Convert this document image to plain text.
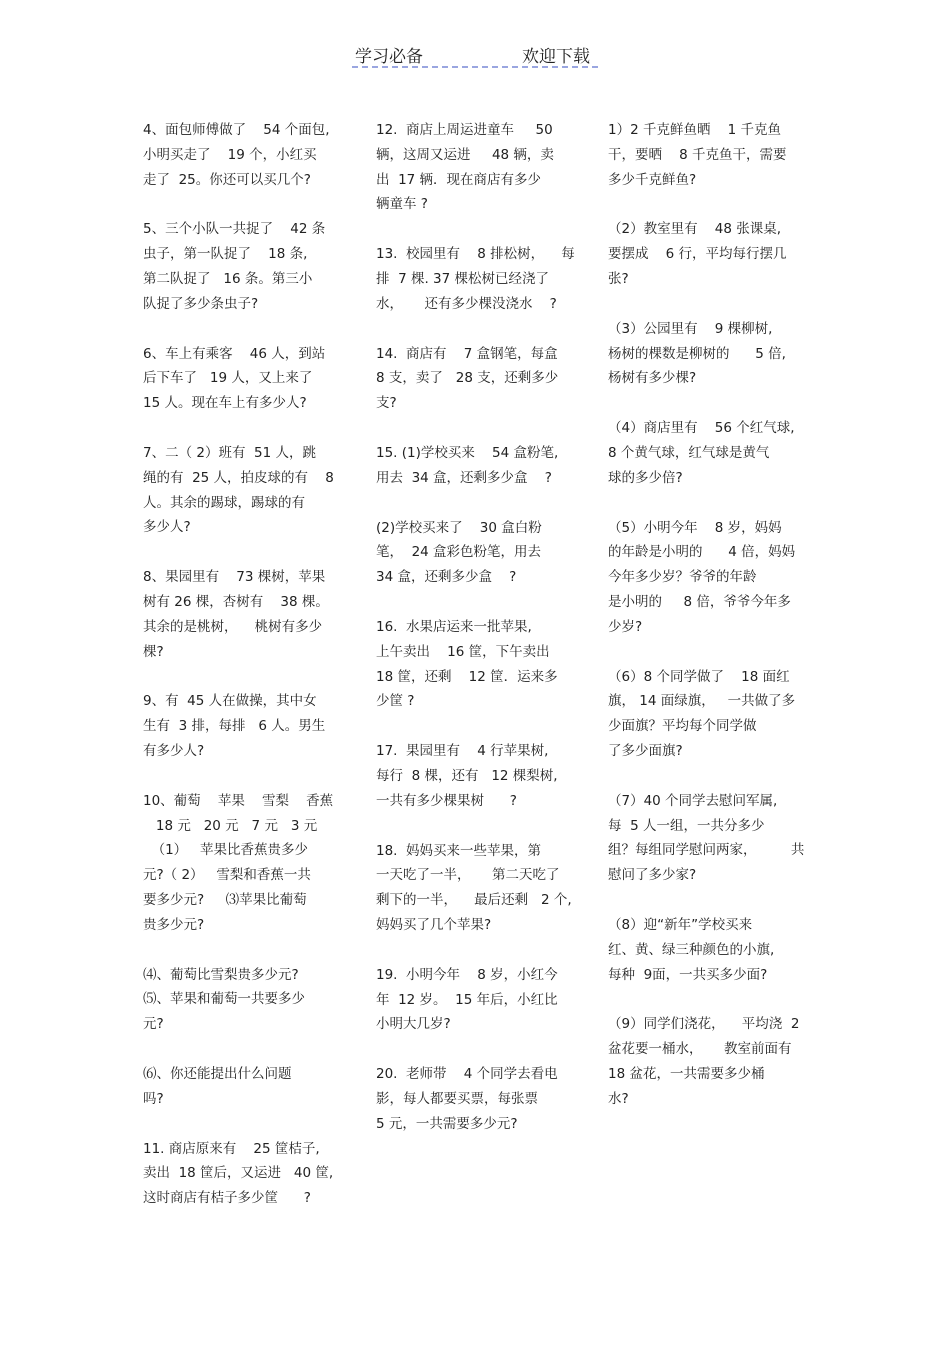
学习必备	欢迎下载
4、面包师傅做了    54 个面包,
小明买走了    19 个，小红买
走了  25。你还可以买几个?
5、三个小队一共捉了    42 条
虫子，第一队捉了    18 条,
第二队捉了   16 条。第三小
队捉了多少条虫子?
6、车上有乘客    46 人，到站
后下车了   19 人，又上来了
15 人。现在车上有多少人?
7、二（ 2）班有  51 人，跳
绳的有  25 人，拍皮球的有    8
人。其余的踢球，踢球的有
多少人?
8、果园里有    73 棵树，苹果
树有 26 棵，杏树有    38 棵。
其余的是桃树，    桃树有多少
棵?
9、有  45 人在做操，其中女
生有  3 排，每排   6 人。男生
有多少人?
10、葡萄    苹果    雪梨    香蕉
18 元   20 元   7 元   3 元
（1）   苹果比香蕉贵多少
元?（ 2）   雪梨和香蕉一共
要多少元?     ⑶苹果比葡萄
贵多少元?
⑷、葡萄比雪梨贵多少元?
⑸、苹果和葡萄一共要多少
元?
⑹、你还能提出什么问题
吗?
11. 商店原来有    25 筐桔子,
卖出  18 筐后，又运进   40 筐,
这时商店有桔子多少筐      ?
12.  商店上周运进童车     50
辆，这周又运进     48 辆，卖
出  17 辆．现在商店有多少
辆童车 ?
13.  校园里有    8 排松树，    每
排  7 棵. 37 棵松树已经浇了
水，     还有多少棵没浇水    ?
14.  商店有    7 盒钢笔，每盒
8 支，卖了   28 支，还剩多少
支?
15. (1)学校买来    54 盒粉笔,
用去  34 盒，还剩多少盒    ?
(2)学校买来了    30 盒白粉
笔，  24 盒彩色粉笔，用去
34 盒，还剩多少盒    ?
16.  水果店运来一批苹果,
上午卖出    16 筐，下午卖出
18 筐，还剩    12 筐．运来多
少筐 ?
17.  果园里有    4 行苹果树,
每行  8 棵，还有   12 棵梨树,
一共有多少棵果树      ?
18.  妈妈买来一些苹果，第
一天吃了一半，     第二天吃了
剩下的一半，    最后还剩   2 个,
妈妈买了几个苹果?
19.  小明今年    8 岁，小红今
年  12 岁。  15 年后，小红比
小明大几岁?
20.  老师带    4 个同学去看电
影，每人都要买票，每张票
5 元，一共需要多少元?
1）2 千克鲜鱼晒    1 千克鱼
干，要晒    8 千克鱼干，需要
多少千克鲜鱼?
（2）教室里有    48 张课桌,
要摆成    6 行，平均每行摆几
张?
（3）公园里有    9 棵柳树,
杨树的棵数是柳树的      5 倍,
杨树有多少棵?
（4）商店里有    56 个红气球,
8 个黄气球，红气球是黄气
球的多少倍?
（5）小明今年    8 岁，妈妈
的年龄是小明的      4 倍，妈妈
今年多少岁？爷爷的年龄
是小明的     8 倍，爷爷今年多
少岁?
（6）8 个同学做了    18 面红
旗， 14 面绿旗，   一共做了多
少面旗？平均每个同学做
了多少面旗?
（7）40 个同学去慰问军属,
每  5 人一组，一共分多少
组？每组同学慰问两家，        共
慰问了多少家?
（8）迎“新年”学校买来
红、黄、绿三种颜色的小旗,
每种  9面，一共买多少面?
（9）同学们浇花，    平均浇  2
盆花要一桶水，     教室前面有
18 盆花，一共需要多少桶
水?
